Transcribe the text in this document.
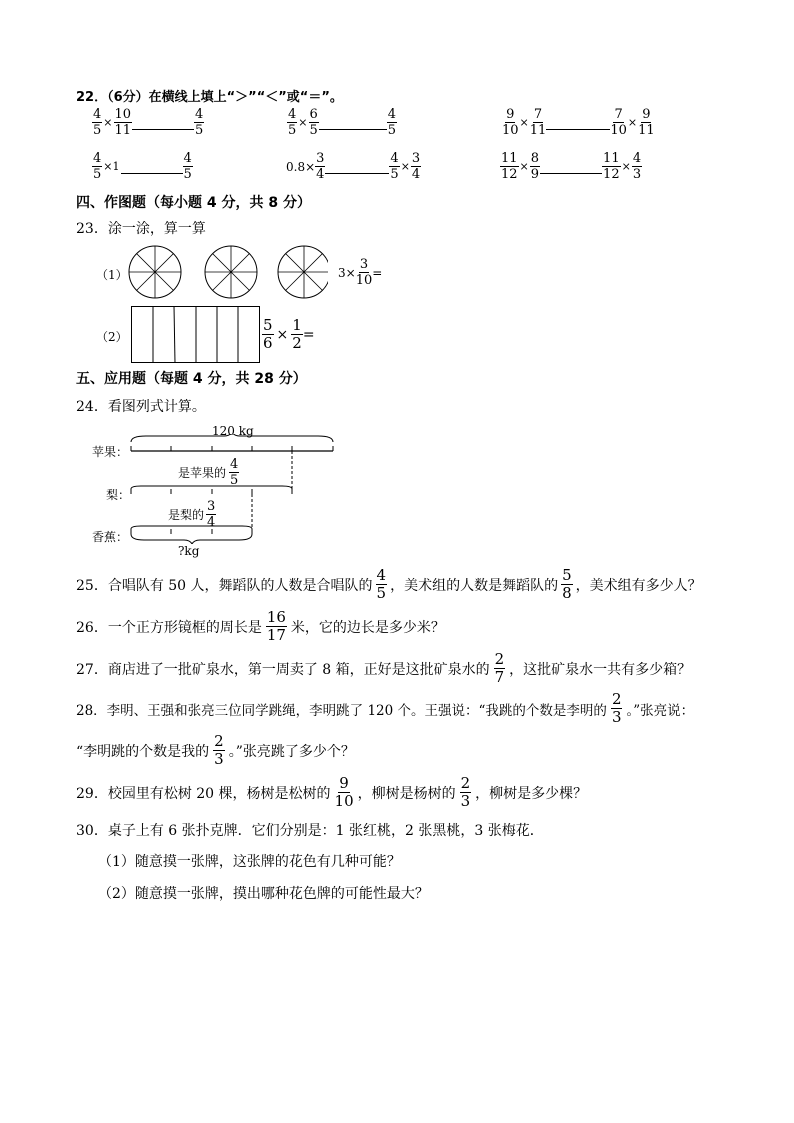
22．（6分）在横线上填上“＞”“＜”或“＝”。
$\frac{4}{5} \times \frac{10}{11}$	$\frac{4}{5}$	$\frac{4}{5} \times \frac{6}{5}$	$\frac{4}{5}$	$\frac{9}{10} \times \frac{7}{11}$	$\frac{7}{10} \times \frac{9}{11}$
$\frac{4}{5} \times 1$	$\frac{4}{5}$	$0.8\times \frac{3}{4}$	$\frac{4}{5} \times \frac{3}{4}$	$\frac{11}{12} \times \frac{8}{9}$	$\frac{11}{12} \times \frac{4}{3}$
四、作图题（每小题 4 分，共 8 分）
23．涂一涂，算一算
（1）	$3\times \frac{3}{10}$ =
（2）	$\frac{5}{6} \times \frac{1}{2}$ =
五、应用题（每题 4 分，共 28 分）
24．看图列式计算。
120 kg
苹果：
梨：
香蕉：
是苹果的 $\frac{4}{5}$
是梨的 $\frac{3}{4}$
?kg
25．合唱队有 50 人，舞蹈队的人数是合唱队的 $\frac{4}{5}$ ，美术组的人数是舞蹈队的 $\frac{5}{8}$ ，美术组有多少人？
26．一个正方形镜框的周长是 $\frac{16}{17}$ 米，它的边长是多少米？
27．商店进了一批矿泉水，第一周卖了 8 箱，正好是这批矿泉水的 $\frac{2}{7}$ ，这批矿泉水一共有多少箱？
28．李明、王强和张亮三位同学跳绳，李明跳了 120 个。王强说：“我跳的个数是李明的 $\frac{2}{3}$ 。”张亮说：
“李明跳的个数是我的 $\frac{2}{3}$ 。”张亮跳了多少个？
29．校园里有松树 20 棵，杨树是松树的 $\frac{9}{10}$ ，柳树是杨树的 $\frac{2}{3}$ ，柳树是多少棵？
30．桌子上有 6 张扑克牌．它们分别是：1 张红桃，2 张黑桃，3 张梅花．
（1）随意摸一张牌，这张牌的花色有几种可能？
（2）随意摸一张牌，摸出哪种花色牌的可能性最大？
